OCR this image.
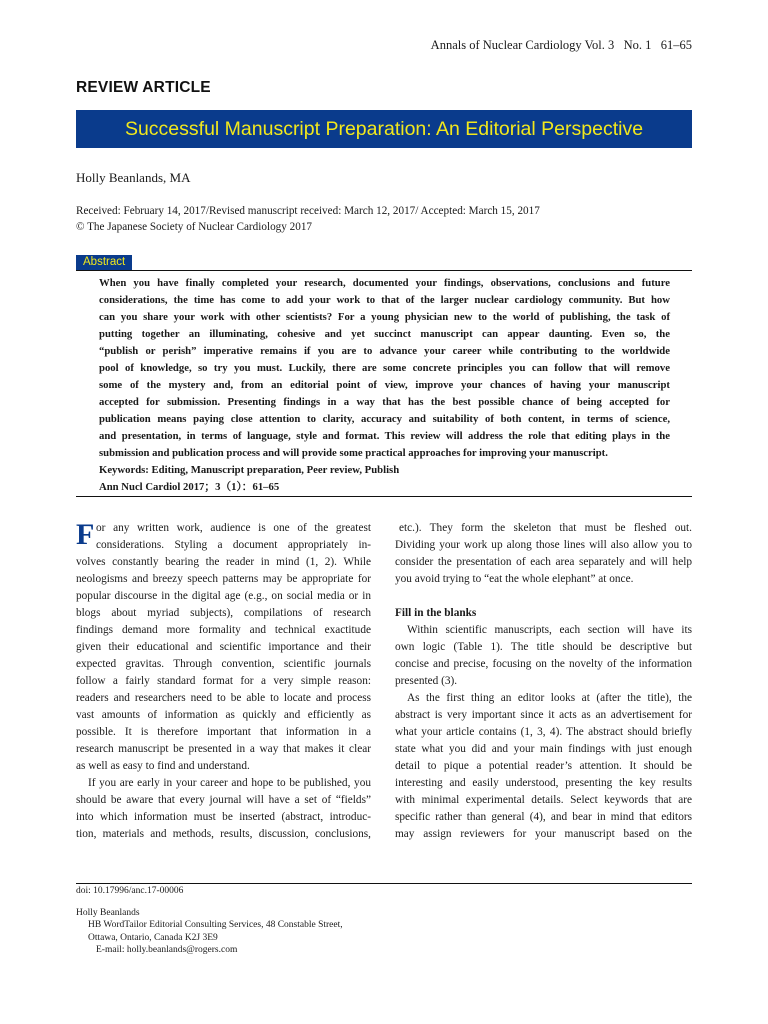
Annals of Nuclear Cardiology Vol. 3   No. 1   61–65
REVIEW ARTICLE
Successful Manuscript Preparation: An Editorial Perspective
Holly Beanlands, MA
Received: February 14, 2017/Revised manuscript received: March 12, 2017/ Accepted: March 15, 2017
© The Japanese Society of Nuclear Cardiology 2017
Abstract
When you have finally completed your research, documented your findings, observations, conclusions and future
considerations, the time has come to add your work to that of the larger nuclear cardiology community. But how
can you share your work with other scientists? For a young physician new to the world of publishing, the task of
putting together an illuminating, cohesive and yet succinct manuscript can appear daunting. Even so, the
“publish or perish” imperative remains if you are to advance your career while contributing to the worldwide
pool of knowledge, so try you must. Luckily, there are some concrete principles you can follow that will remove
some of the mystery and, from an editorial point of view, improve your chances of having your manuscript
accepted for submission. Presenting findings in a way that has the best possible chance of being accepted for
publication means paying close attention to clarity, accuracy and suitability of both content, in terms of science,
and presentation, in terms of language, style and format. This review will address the role that editing plays in the
submission and publication process and will provide some practical approaches for improving your manuscript.
Keywords: Editing, Manuscript preparation, Peer review, Publish
Ann Nucl Cardiol 2017；3（1）：61–65
F or any written work, audience is one of the greatest
considerations. Styling a document appropriately in-
volves constantly bearing the reader in mind (1, 2). While
neologisms and breezy speech patterns may be appropriate for
popular discourse in the digital age (e.g., on social media or in
blogs about myriad subjects), compilations of research
findings demand more formality and technical exactitude
given their educational and scientific importance and their
expected gravitas. Through convention, scientific journals
follow a fairly standard format for a very simple reason:
readers and researchers need to be able to locate and process
vast amounts of information as quickly and efficiently as
possible. It is therefore important that information in a
research manuscript be presented in a way that makes it clear
as well as easy to find and understand.
If you are early in your career and hope to be published, you
should be aware that every journal will have a set of “fields”
into which information must be inserted (abstract, introduc-
tion, materials and methods, results, discussion, conclusions,
etc.). They form the skeleton that must be fleshed out.
Dividing your work up along those lines will also allow you to
consider the presentation of each area separately and will help
you avoid trying to “eat the whole elephant” at once.
Fill in the blanks
Within scientific manuscripts, each section will have its
own logic (Table 1). The title should be descriptive but
concise and precise, focusing on the novelty of the information
presented (3).
As the first thing an editor looks at (after the title), the
abstract is very important since it acts as an advertisement for
what your article contains (1, 3, 4). The abstract should briefly
state what you did and your main findings with just enough
detail to pique a potential reader’s attention. It should be
interesting and easily understood, presenting the key results
with minimal experimental details. Select keywords that are
specific rather than general (4), and bear in mind that editors
may assign reviewers for your manuscript based on the
doi: 10.17996/anc.17-00006
Holly Beanlands
HB WordTailor Editorial Consulting Services, 48 Constable Street,
Ottawa, Ontario, Canada K2J 3E9
E-mail: holly.beanlands@rogers.com
